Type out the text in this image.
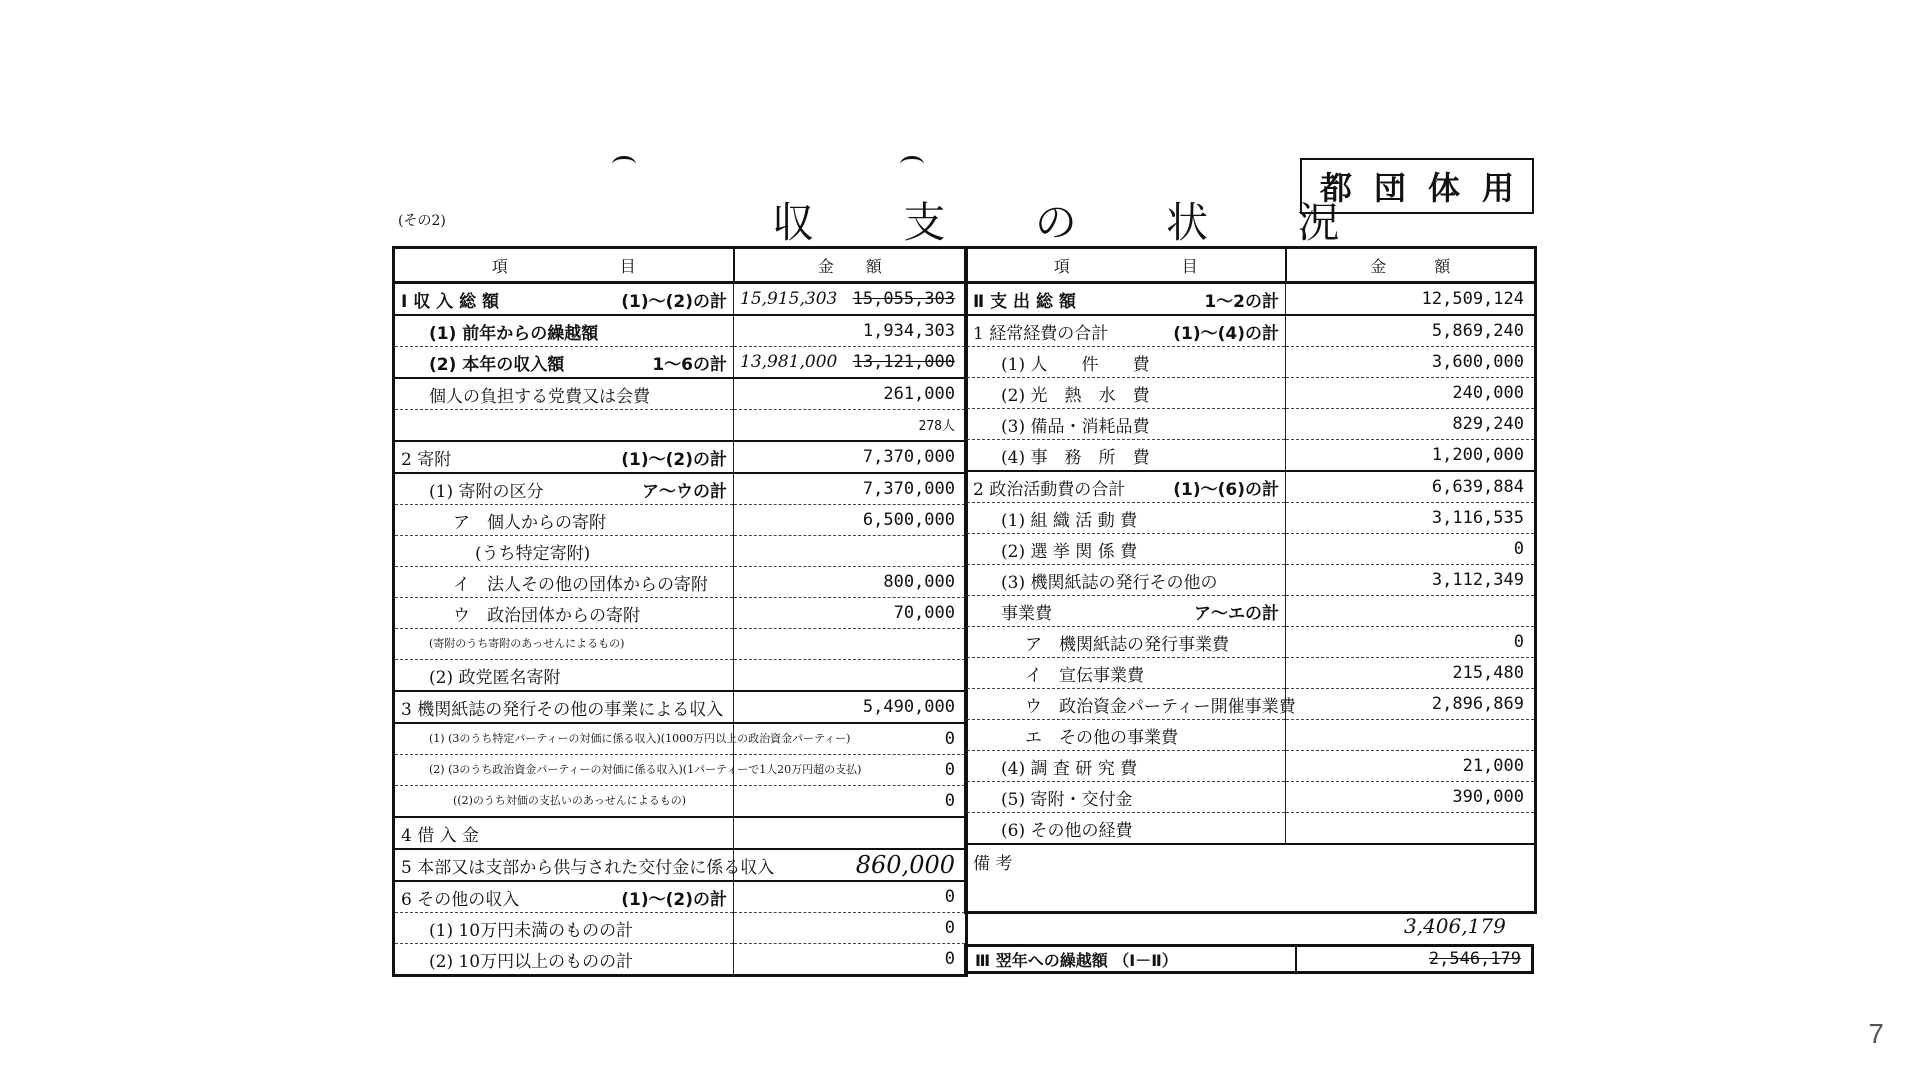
(その2)	収 支 の 状 況
都団体用
項　　　　　　　目	金　　額

Ⅰ 収 入 総 額 (1)～(2)の計	15,915,303 15,055,303

(1) 前年からの繰越額	1,934,303

(2) 本年の収入額 1～6の計	13,981,000 13,121,000

個人の負担する党費又は会費	261,000

	278人

2 寄附 (1)～(2)の計	7,370,000

(1) 寄附の区分 ア～ウの計	7,370,000

ア　個人からの寄附	6,500,000

(うち特定寄附)	

イ　法人その他の団体からの寄附	800,000

ウ　政治団体からの寄附	70,000

(寄附のうち寄附のあっせんによるもの)	

(2) 政党匿名寄附	

3 機関紙誌の発行その他の事業による収入	5,490,000

(1) (3のうち特定パーティーの対価に係る収入)(1000万円以上の政治資金パーティー)	0

(2) (3のうち政治資金パーティーの対価に係る収入)(1パーティーで1人20万円超の支払)	0

((2)のうち対価の支払いのあっせんによるもの)	0

4 借 入 金	

5 本部又は支部から供与された交付金に係る収入	860,000

6 その他の収入 (1)～(2)の計	0

(1) 10万円未満のものの計	0

(2) 10万円以上のものの計	0
項　　　　　　　目	金　　　額

Ⅱ 支 出 総 額 1～2の計	12,509,124

1 経常経費の合計 (1)～(4)の計	5,869,240

(1) 人　　件　　費	3,600,000

(2) 光　熱　水　費	240,000

(3) 備品・消耗品費	829,240

(4) 事　務　所　費	1,200,000

2 政治活動費の合計 (1)～(6)の計	6,639,884

(1) 組 織 活 動 費	3,116,535

(2) 選 挙 関 係 費	0

(3) 機関紙誌の発行その他の	3,112,349

事業費 ア～エの計	

ア　機関紙誌の発行事業費	0

イ　宣伝事業費	215,480

ウ　政治資金パーティー開催事業費	2,896,869

エ　その他の事業費	

(4) 調 査 研 究 費	21,000

(5) 寄附・交付金	390,000

(6) その他の経費	

備 考	
3,406,179
Ⅲ 翌年への繰越額 （Ⅰ－Ⅱ）	2,546,179
7
